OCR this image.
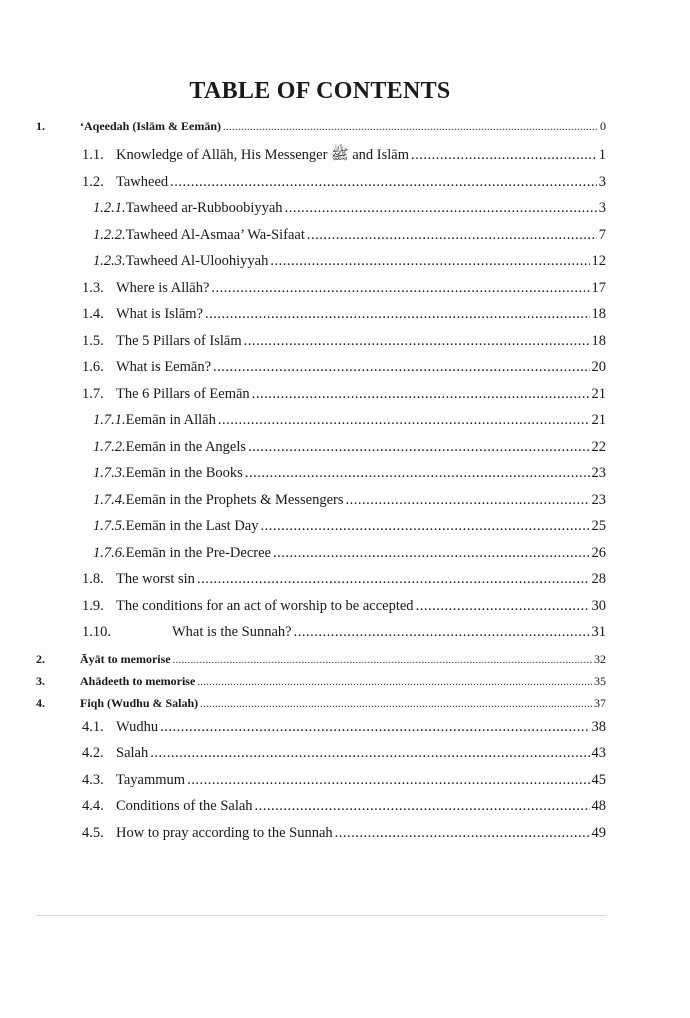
TABLE OF CONTENTS
1.	‘Aqeedah (Islām & Eemān) .....	0
1.1. Knowledge of Allāh, His Messenger ﷺ and Islām .....	1
1.2. Tawheed .....	3
1.2.1. Tawheed ar-Rubboobiyyah .....	3
1.2.2. Tawheed Al-Asmaa’ Wa-Sifaat .....	7
1.2.3. Tawheed Al-Uloohiyyah .....	12
1.3. Where is Allāh? .....	17
1.4. What is Islām? .....	18
1.5. The 5 Pillars of Islām .....	18
1.6. What is Eemān? .....	20
1.7. The 6 Pillars of Eemān .....	21
1.7.1. Eemān in Allāh .....	21
1.7.2. Eemān in the Angels .....	22
1.7.3. Eemān in the Books .....	23
1.7.4. Eemān in the Prophets & Messengers .....	23
1.7.5. Eemān in the Last Day .....	25
1.7.6. Eemān in the Pre-Decree .....	26
1.8. The worst sin .....	28
1.9. The conditions for an act of worship to be accepted .....	30
1.10.	What is the Sunnah? .....	31
2.	Āyāt to memorise .....	32
3.	Ahādeeth to memorise .....	35
4.	Fiqh (Wudhu & Salah) .....	37
4.1. Wudhu .....	38
4.2. Salah .....	43
4.3. Tayammum .....	45
4.4. Conditions of the Salah .....	48
4.5. How to pray according to the Sunnah .....	49
